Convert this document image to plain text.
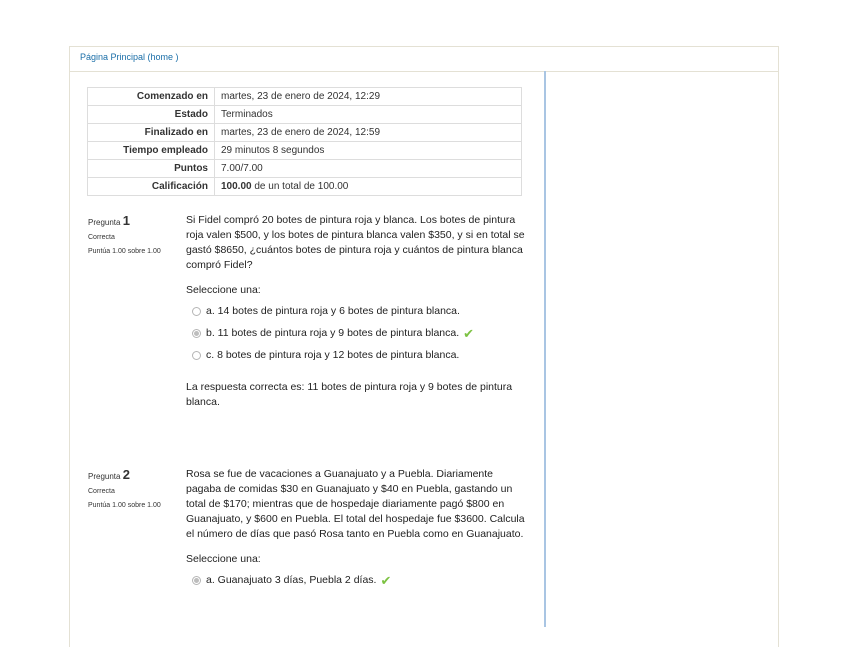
Página Principal (home )
Comenzado en	martes, 23 de enero de 2024, 12:29
Estado	Terminados
Finalizado en	martes, 23 de enero de 2024, 12:59
Tiempo empleado	29 minutos 8 segundos
Puntos	7.00/7.00
Calificación	100.00 de un total de 100.00
Pregunta 1
Correcta
Puntúa 1.00 sobre 1.00
Si Fidel compró 20 botes de pintura roja y blanca. Los botes de pintura roja valen $500, y los botes de pintura blanca valen $350, y si en total se gastó $8650, ¿cuántos botes de pintura roja y cuántos de pintura blanca compró Fidel?
Seleccione una:
a. 14 botes de pintura roja y 6 botes de pintura blanca.
b. 11 botes de pintura roja y 9 botes de pintura blanca. ✔
c. 8 botes de pintura roja y 12 botes de pintura blanca.
La respuesta correcta es: 11 botes de pintura roja y 9 botes de pintura blanca.
Pregunta 2
Correcta
Puntúa 1.00 sobre 1.00
Rosa se fue de vacaciones a Guanajuato y a Puebla. Diariamente pagaba de comidas $30 en Guanajuato y $40 en Puebla, gastando un total de $170; mientras que de hospedaje diariamente pagó $800 en Guanajuato, y $600 en Puebla. El total del hospedaje fue $3600. Calcula el número de días que pasó Rosa tanto en Puebla como en Guanajuato.
Seleccione una:
a. Guanajuato 3 días, Puebla 2 días. ✔
